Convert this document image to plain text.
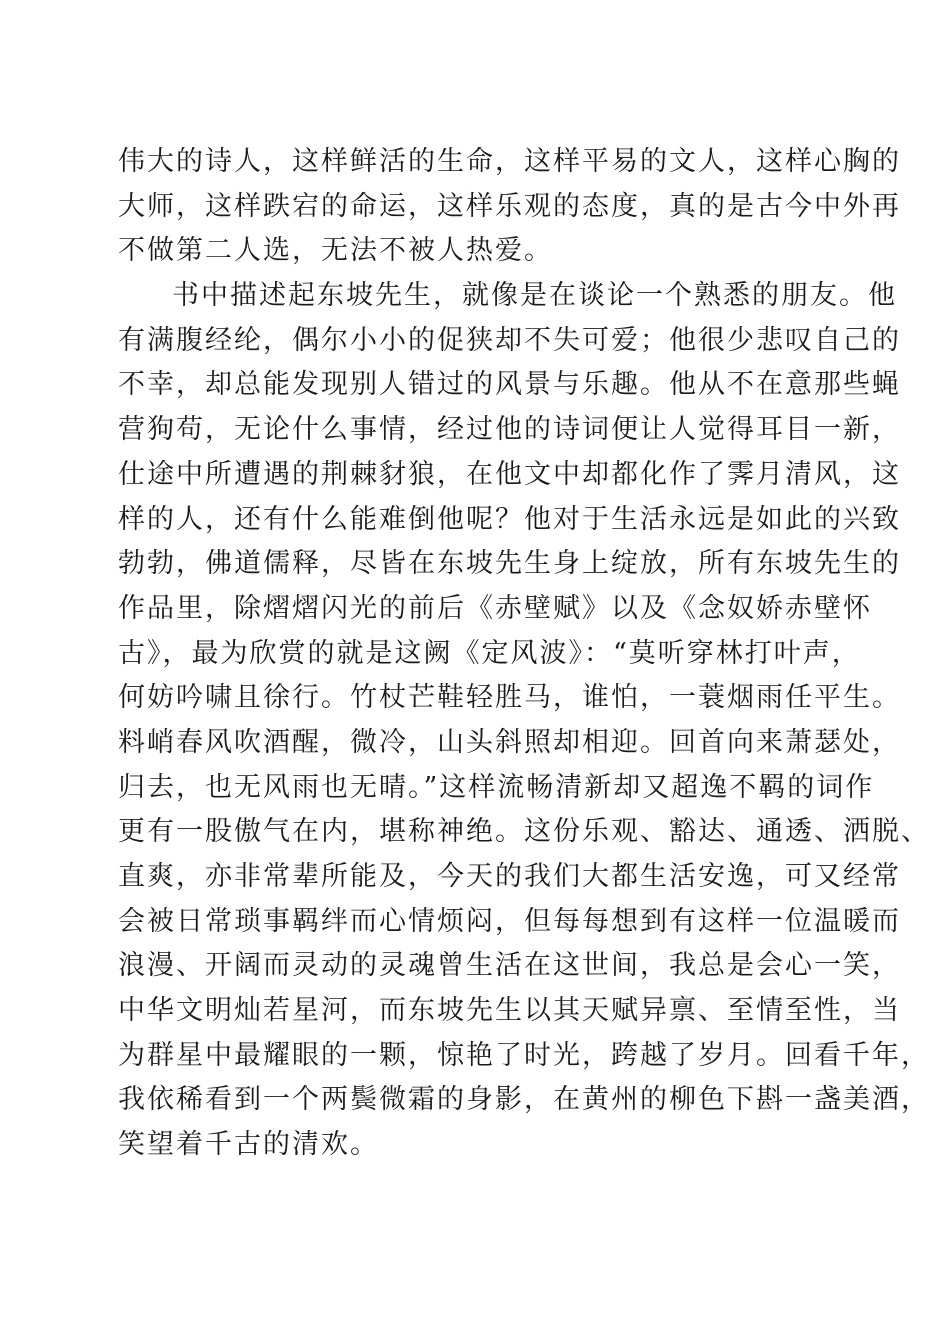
伟大的诗人，这样鲜活的生命，这样平易的文人，这样心胸的
大师，这样跌宕的命运，这样乐观的态度，真的是古今中外再
不做第二人选，无法不被人热爱。
书中描述起东坡先生，就像是在谈论一个熟悉的朋友。他
有满腹经纶，偶尔小小的促狭却不失可爱；他很少悲叹自己的
不幸，却总能发现别人错过的风景与乐趣。他从不在意那些蝇
营狗苟，无论什么事情，经过他的诗词便让人觉得耳目一新，
仕途中所遭遇的荆棘豺狼，在他文中却都化作了霁月清风，这
样的人，还有什么能难倒他呢？他对于生活永远是如此的兴致
勃勃，佛道儒释，尽皆在东坡先生身上绽放，所有东坡先生的
作品里，除熠熠闪光的前后《赤壁赋》以及《念奴娇赤壁怀
古》，最为欣赏的就是这阙《定风波》：“莫听穿林打叶声，
何妨吟啸且徐行。竹杖芒鞋轻胜马，谁怕，一蓑烟雨任平生。
料峭春风吹酒醒，微冷，山头斜照却相迎。回首向来萧瑟处，
归去，也无风雨也无晴。”这样流畅清新却又超逸不羁的词作
更有一股傲气在内，堪称神绝。这份乐观、豁达、通透、洒脱、
直爽，亦非常辈所能及，今天的我们大都生活安逸，可又经常
会被日常琐事羁绊而心情烦闷，但每每想到有这样一位温暖而
浪漫、开阔而灵动的灵魂曾生活在这世间，我总是会心一笑，
中华文明灿若星河，而东坡先生以其天赋异禀、至情至性，当
为群星中最耀眼的一颗，惊艳了时光，跨越了岁月。回看千年，
我依稀看到一个两鬓微霜的身影，在黄州的柳色下斟一盏美酒，
笑望着千古的清欢。
